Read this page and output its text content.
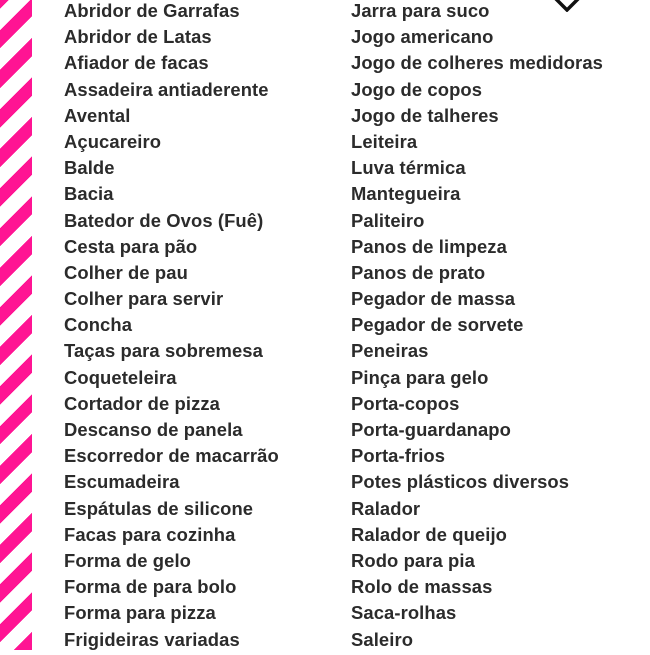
Abridor de Garrafas
Abridor de Latas
Afiador de facas
Assadeira antiaderente
Avental
Açucareiro
Balde
Bacia
Batedor de Ovos (Fuê)
Cesta para pão
Colher de pau
Colher para servir
Concha
Taças para sobremesa
Coqueteleira
Cortador de pizza
Descanso de panela
Escorredor de macarrão
Escumadeira
Espátulas de silicone
Facas para cozinha
Forma de gelo
Forma de para bolo
Forma para pizza
Frigideiras variadas
Jarra para suco
Jogo americano
Jogo de colheres medidoras
Jogo de copos
Jogo de talheres
Leiteira
Luva térmica
Mantegueira
Paliteiro
Panos de limpeza
Panos de prato
Pegador de massa
Pegador de sorvete
Peneiras
Pinça para gelo
Porta-copos
Porta-guardanapo
Porta-frios
Potes plásticos diversos
Ralador
Ralador de queijo
Rodo para pia
Rolo de massas
Saca-rolhas
Saleiro
